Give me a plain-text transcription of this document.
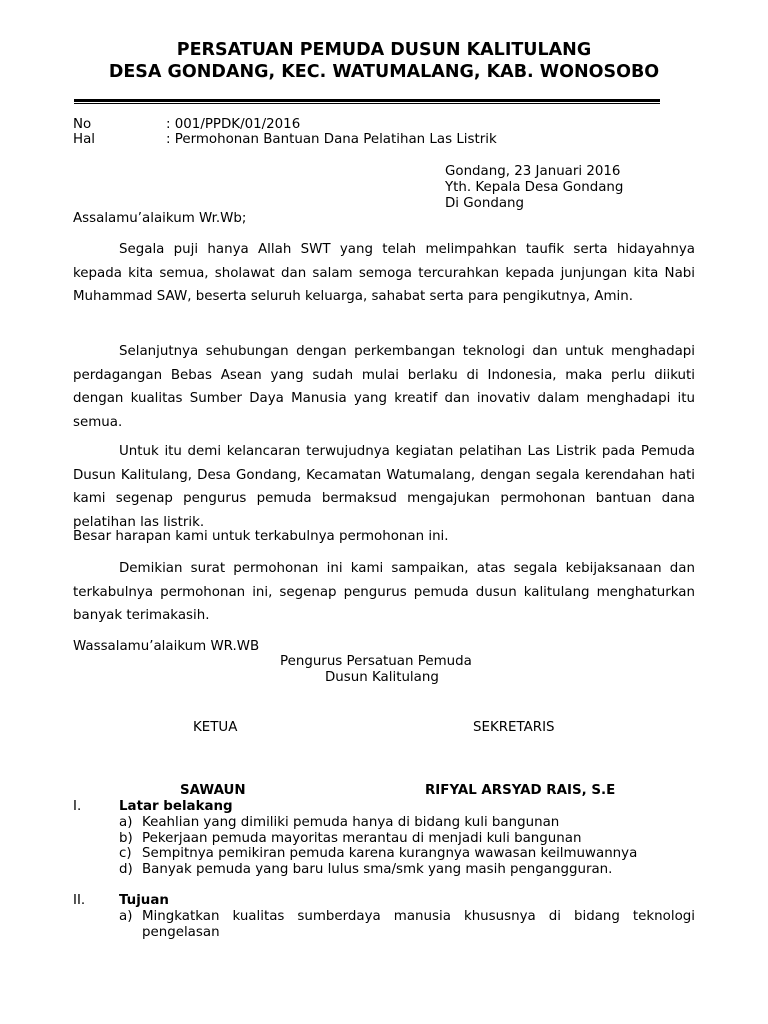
PERSATUAN PEMUDA DUSUN KALITULANG
DESA GONDANG, KEC. WATUMALANG, KAB. WONOSOBO
No	: 001/PPDK/01/2016
Hal	: Permohonan Bantuan Dana Pelatihan Las Listrik
Gondang, 23 Januari 2016
Yth. Kepala Desa Gondang
Di Gondang
Assalamu’alaikum Wr.Wb;
Segala puji hanya Allah SWT yang telah melimpahkan taufik serta hidayahnya kepada kita semua, sholawat dan salam semoga tercurahkan kepada junjungan kita Nabi Muhammad SAW, beserta seluruh keluarga, sahabat serta para pengikutnya, Amin.
Selanjutnya sehubungan dengan perkembangan teknologi dan untuk menghadapi perdagangan Bebas Asean yang sudah mulai berlaku di Indonesia, maka perlu diikuti dengan kualitas Sumber Daya Manusia yang kreatif dan inovativ dalam menghadapi itu semua.
Untuk itu demi kelancaran terwujudnya kegiatan pelatihan Las Listrik pada Pemuda Dusun Kalitulang, Desa Gondang, Kecamatan Watumalang, dengan segala kerendahan hati kami segenap pengurus pemuda bermaksud mengajukan permohonan bantuan dana pelatihan las listrik.
Besar harapan kami untuk terkabulnya permohonan ini.
Demikian surat permohonan ini kami sampaikan, atas segala kebijaksanaan dan terkabulnya permohonan ini, segenap pengurus pemuda dusun kalitulang menghaturkan banyak terimakasih.
Wassalamu’alaikum WR.WB
Pengurus Persatuan Pemuda
Dusun Kalitulang
KETUA	SEKRETARIS
SAWAUN	RIFYAL ARSYAD RAIS, S.E
I.	Latar belakang
a) Keahlian yang dimiliki pemuda hanya di bidang kuli bangunan
b) Pekerjaan pemuda mayoritas merantau di menjadi kuli bangunan
c) Sempitnya pemikiran pemuda karena kurangnya wawasan keilmuwannya
d) Banyak pemuda yang baru lulus sma/smk yang masih pengangguran.
II.	Tujuan
a) Mingkatkan kualitas sumberdaya manusia khususnya di bidang teknologi pengelasan
